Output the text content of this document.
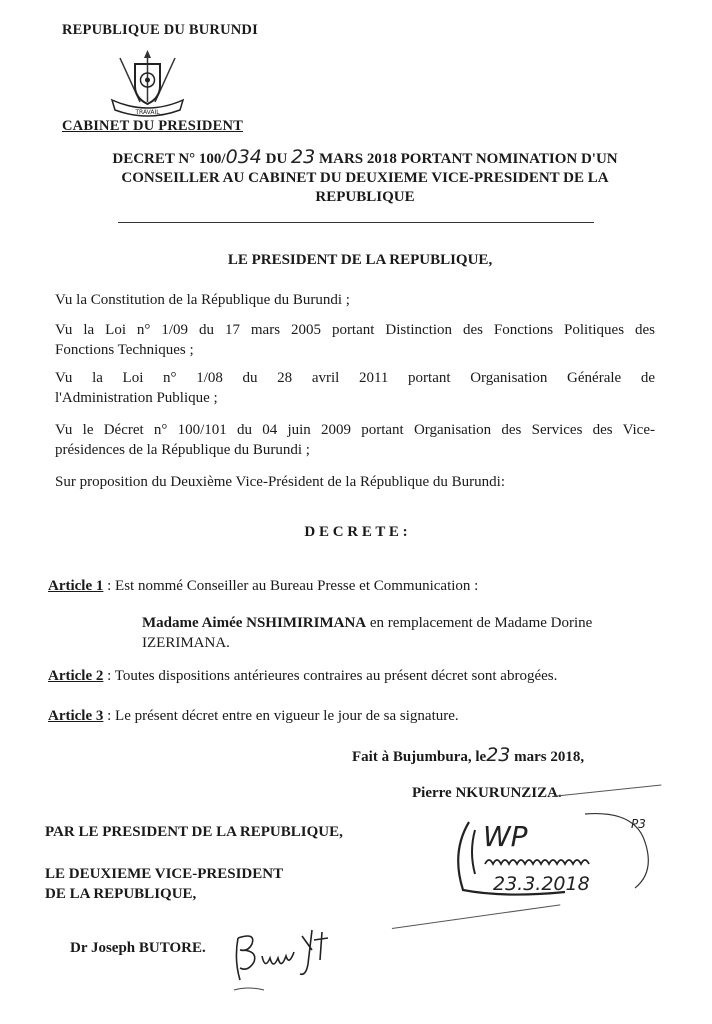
REPUBLIQUE DU BURUNDI
TRAVAIL
CABINET DU PRESIDENT
DECRET N° 100/034 DU 23 MARS 2018 PORTANT NOMINATION D'UN
CONSEILLER AU CABINET DU DEUXIEME VICE-PRESIDENT DE LA
REPUBLIQUE
LE PRESIDENT DE LA REPUBLIQUE,
Vu la Constitution de la République du Burundi ;
Vu la Loi n° 1/09 du 17 mars 2005 portant Distinction des Fonctions Politiques des
Fonctions Techniques ;
Vu la Loi n° 1/08 du 28 avril 2011 portant Organisation Générale de
l'Administration Publique ;
Vu le Décret n° 100/101 du 04 juin 2009 portant Organisation des Services des Vice-
présidences de la République du Burundi ;
Sur proposition du Deuxième Vice-Président de la République du Burundi:
D E C R E T E :
Article 1 : Est nommé Conseiller au Bureau Presse et Communication :
Madame Aimée NSHIMIRIMANA en remplacement de Madame Dorine
IZERIMANA.
Article 2 : Toutes dispositions antérieures contraires au présent décret sont abrogées.
Article 3 : Le présent décret entre en vigueur le jour de sa signature.
Fait à Bujumbura, le23 mars 2018,
Pierre NKURUNZIZA.
WP	P3
23.3.2018
PAR LE PRESIDENT DE LA REPUBLIQUE,
LE DEUXIEME VICE-PRESIDENT
DE LA REPUBLIQUE,
Dr Joseph BUTORE.
